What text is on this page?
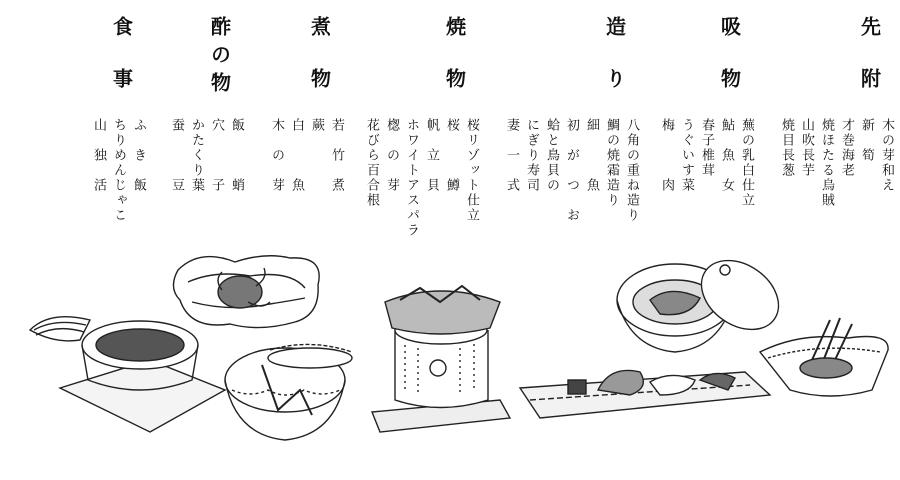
先附
木の芽和え
新　筍
才巻海老
焼ほたる烏賊
山吹長芋
焼目長葱
吸物
蕪の乳白仕立
鮎　魚　女
春子椎茸
うぐいす菜
梅　　　肉
造り
八角の重ね造り
鯛の焼霜造り
細　　　魚
初　が　つ　お
蛤と鳥貝の
にぎり寿司
妻　一　式
焼物
桜リゾット仕立
桜　　　鱒
帆　立　貝
ホワイトアスパラ
楤　の　芽
花びら百合根
煮物
若　竹　煮
蕨
白　　　魚
木　の　芽
酢の物
飯　　　蛸
穴　　　子
かたくり葉
蚕　　　豆
食事
ふ　き　飯
ちりめんじゃこ
山　独　活
